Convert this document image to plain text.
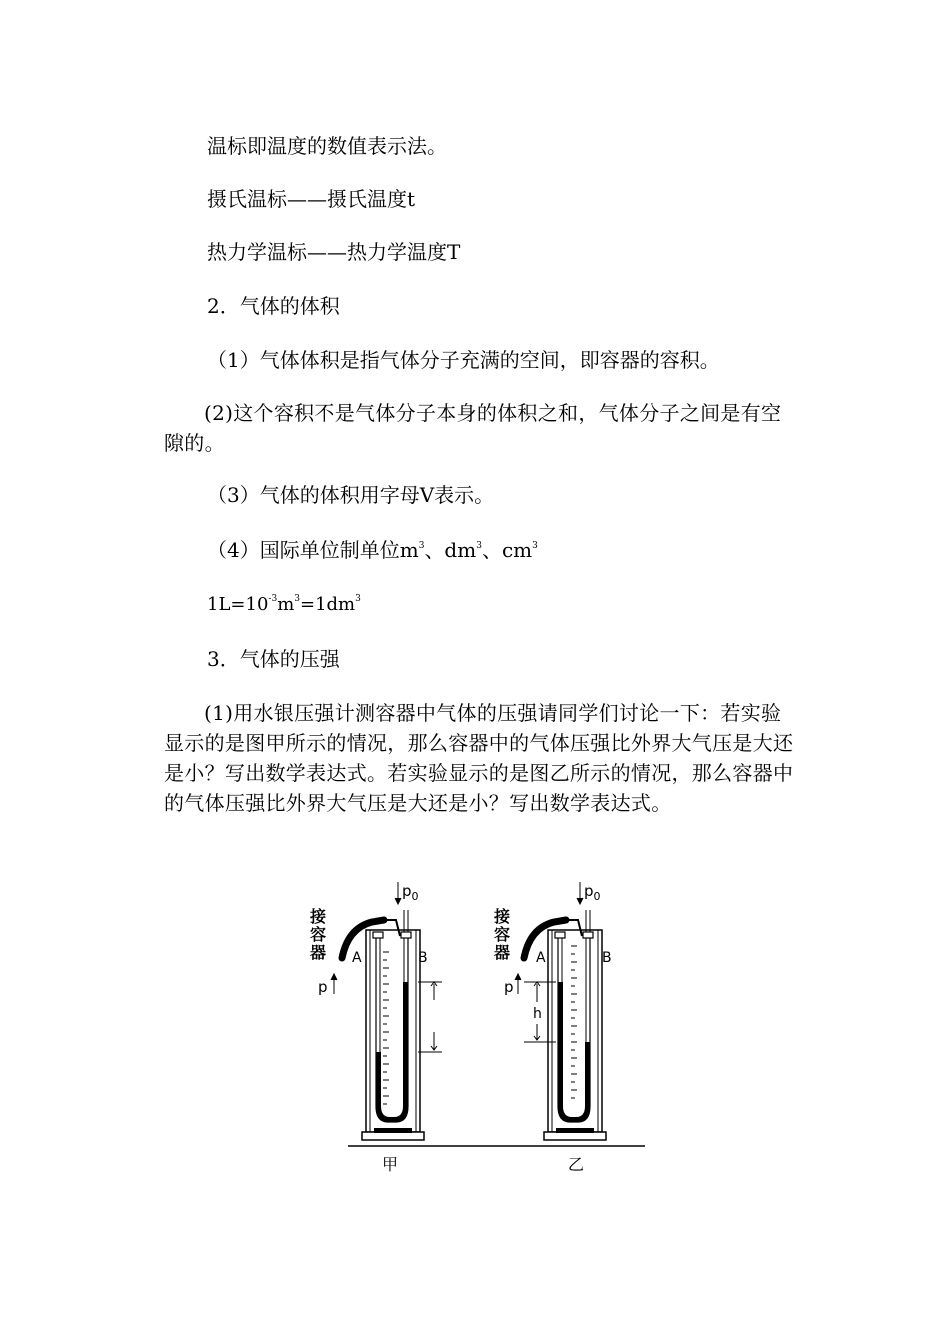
温标即温度的数值表示法。
摄氏温标——摄氏温度t
热力学温标——热力学温度T
2．气体的体积
（1）气体体积是指气体分子充满的空间，即容器的容积。
(2)这个容积不是气体分子本身的体积之和，气体分子之间是有空隙的。
（3）气体的体积用字母V表示。
（4）国际单位制单位$m^3$、$dm^3$、$cm^3$
$1L=10^{-3}m^3=1dm^3$
3．气体的压强
(1)用水银压强计测容器中气体的压强请同学们讨论一下：若实验显示的是图甲所示的情况，那么容器中的气体压强比外界大气压是大还是小？写出数学表达式。若实验显示的是图乙所示的情况，那么容器中的气体压强比外界大气压是大还是小？写出数学表达式。
接
容
器 A	B
p
$p_0$
接
容
器 A	B
p
h
$p_0$
甲	乙
